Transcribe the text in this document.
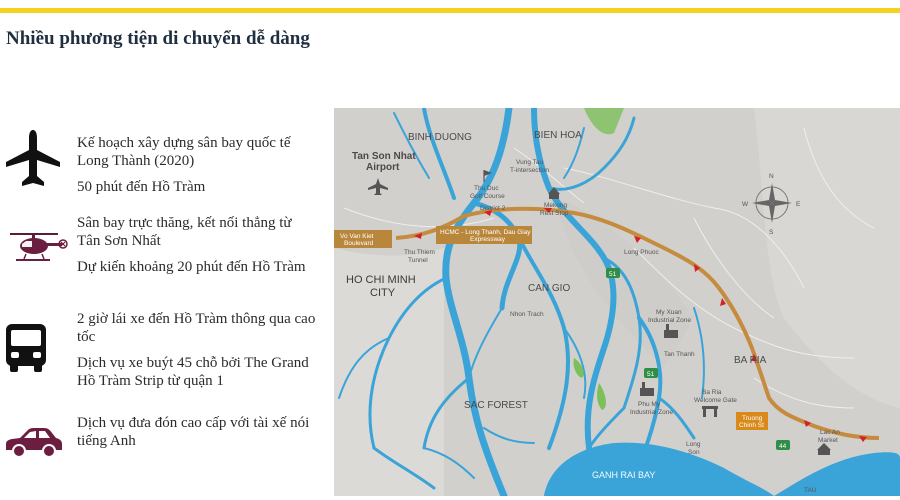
Nhiều phương tiện di chuyển dễ dàng

Kế hoạch xây dựng sân bay quốc tế Long Thành (2020)

50 phút đến Hồ Tràm

Sân bay trực thăng, kết nối thẳng từ Tân Sơn Nhất

Dự kiến khoảng 20 phút đến Hồ Tràm

2 giờ lái xe đến Hồ Tràm thông qua cao tốc

Dịch vụ xe buýt 45 chỗ bởi The Grand Hồ Tràm Strip từ quận 1

Dịch vụ đưa đón cao cấp với tài xế nói tiếng Anh

N
S
E
W
Vo Van Kiet
Boulevard
HCMC - Long Thanh, Dau Giay
Expressway
Truong
Chinh St
51
51
44
BINH DUONG	BIEN HOA
Tan Son Nhat
Airport	Vung Tau
T-intersection
Thu Duc
Golf Course
Mekong
Rest Stop
District 2
Thu Thiem
Tunnel
Long Phuoc
HO CHI MINH
CITY	CAN GIO
Nhon Trach	My Xuan
Industrial Zone
Tan Thanh
BA RIA
Ba Ria
Welcome Gate
Phu My
Industrial Zone
SAC FOREST
Long
Son
GANH RAI BAY
Lac An
Market
TAU
